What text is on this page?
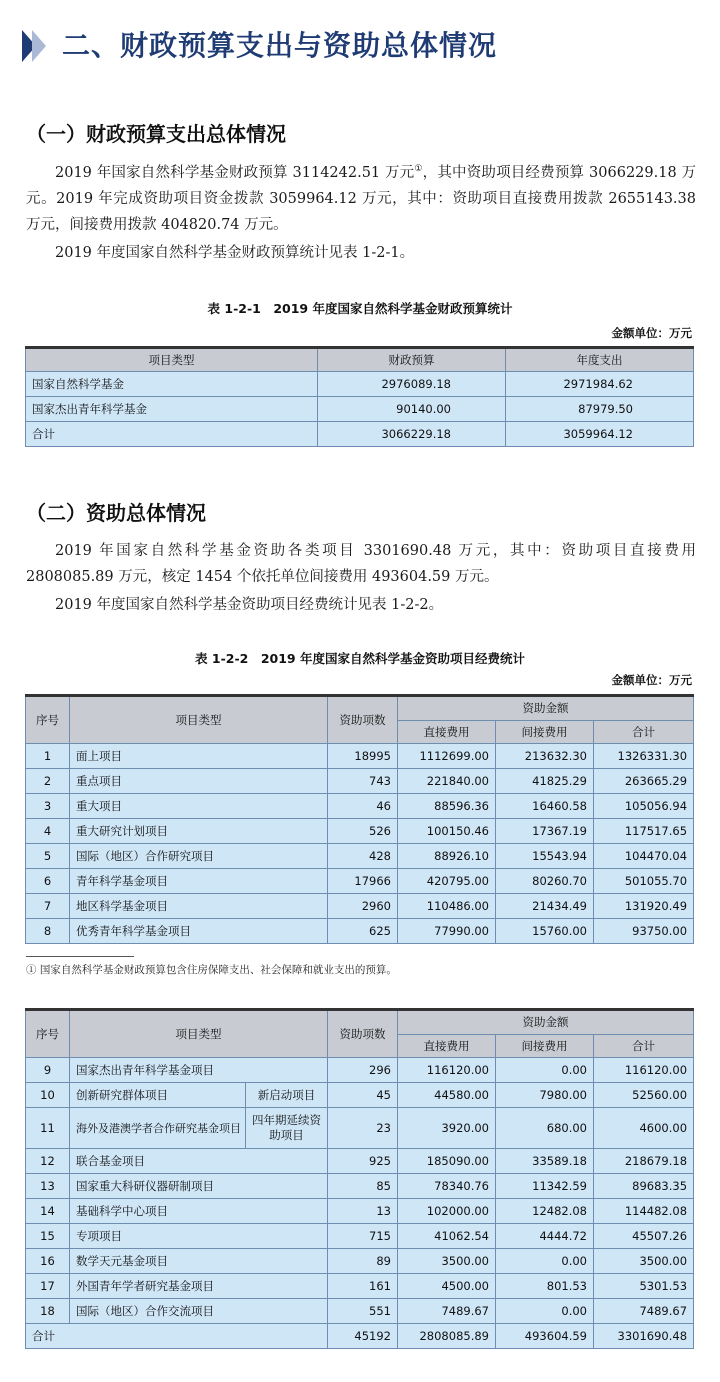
二、财政预算支出与资助总体情况
（一）财政预算支出总体情况

2019 年国家自然科学基金财政预算 3114242.51 万元①，其中资助项目经费预算 3066229.18 万元。2019 年完成资助项目资金拨款 3059964.12 万元，其中：资助项目直接费用拨款 2655143.38 万元，间接费用拨款 404820.74 万元。

2019 年度国家自然科学基金财政预算统计见表 1-2-1。

表 1-2-1　2019 年度国家自然科学基金财政预算统计
金额单位：万元
项目类型	财政预算	年度支出
国家自然科学基金	2976089.18	2971984.62
国家杰出青年科学基金	90140.00	87979.50
合计	3066229.18	3059964.12
（二）资助总体情况

2019 年国家自然科学基金资助各类项目 3301690.48 万元，其中：资助项目直接费用 2808085.89 万元，核定 1454 个依托单位间接费用 493604.59 万元。

2019 年度国家自然科学基金资助项目经费统计见表 1-2-2。

表 1-2-2　2019 年度国家自然科学基金资助项目经费统计
金额单位：万元
序号	项目类型	资助项数	资助金额		
			直接费用	间接费用	合计
1	面上项目	18995	1112699.00	213632.30	1326331.30
2	重点项目	743	221840.00	41825.29	263665.29
3	重大项目	46	88596.36	16460.58	105056.94
4	重大研究计划项目	526	100150.46	17367.19	117517.65
5	国际（地区）合作研究项目	428	88926.10	15543.94	104470.04
6	青年科学基金项目	17966	420795.00	80260.70	501055.70
7	地区科学基金项目	2960	110486.00	21434.49	131920.49
8	优秀青年科学基金项目	625	77990.00	15760.00	93750.00
① 国家自然科学基金财政预算包含住房保障支出、社会保障和就业支出的预算。
序号	项目类型		资助项数	资助金额		
				直接费用	间接费用	合计
9	国家杰出青年科学基金项目		296	116120.00	0.00	116120.00
10	创新研究群体项目	新启动项目	45	44580.00	7980.00	52560.00
11	海外及港澳学者合作研究基金项目	四年期延续资助项目	23	3920.00	680.00	4600.00
12	联合基金项目		925	185090.00	33589.18	218679.18
13	国家重大科研仪器研制项目		85	78340.76	11342.59	89683.35
14	基础科学中心项目		13	102000.00	12482.08	114482.08
15	专项项目		715	41062.54	4444.72	45507.26
16	数学天元基金项目		89	3500.00	0.00	3500.00
17	外国青年学者研究基金项目		161	4500.00	801.53	5301.53
18	国际（地区）合作交流项目		551	7489.67	0.00	7489.67
合计			45192	2808085.89	493604.59	3301690.48
